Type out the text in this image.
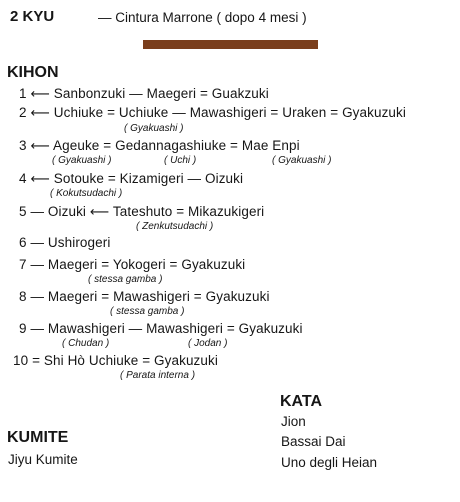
2 KYU	— Cintura Marrone ( dopo 4 mesi )
KIHON
1 ⟵ Sanbonzuki — Maegeri = Guakzuki
2 ⟵ Uchiuke = Uchiuke — Mawashigeri = Uraken = Gyakuzuki
( Gyakuashi )
3 ⟵ Ageuke = Gedannagashiuke = Mae Enpi
( Gyakuashi )	( Uchi )	( Gyakuashi )
4 ⟵ Sotouke = Kizamigeri — Oizuki
( Kokutsudachi )
5 — Oizuki ⟵ Tateshuto = Mikazukigeri
( Zenkutsudachi )
6 — Ushirogeri
7 — Maegeri = Yokogeri = Gyakuzuki
( stessa gamba )
8 — Maegeri = Mawashigeri = Gyakuzuki
( stessa gamba )
9 — Mawashigeri — Mawashigeri = Gyakuzuki
( Chudan )	( Jodan )
10 = Shi Hò Uchiuke = Gyakuzuki
( Parata interna )
KATA
Jion
Bassai Dai
Uno degli Heian
KUMITE
Jiyu Kumite
